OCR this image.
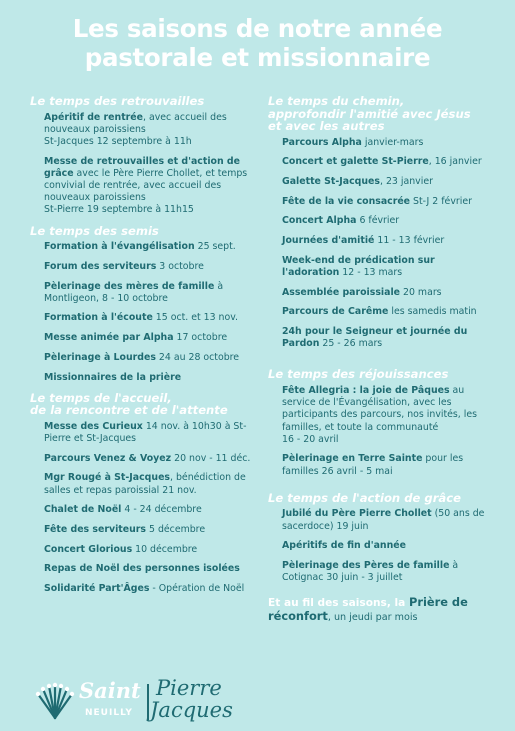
Les saisons de notre année
pastorale et missionnaire
Le temps des retrouvailles
Apéritif de rentrée, avec accueil des nouveaux paroissiens
St-Jacques 12 septembre à 11h
Messe de retrouvailles et d'action de grâce avec le Père Pierre Chollet, et temps convivial de rentrée, avec accueil des nouveaux paroissiens
St-Pierre 19 septembre à 11h15
Le temps des semis
Formation à l'évangélisation 25 sept.
Forum des serviteurs 3 octobre
Pèlerinage des mères de famille à Montligeon, 8 - 10 octobre
Formation à l'écoute 15 oct. et 13 nov.
Messe animée par Alpha 17 octobre
Pèlerinage à Lourdes 24 au 28 octobre
Missionnaires de la prière
Le temps de l'accueil,
de la rencontre et de l'attente
Messe des Curieux 14 nov. à 10h30 à St-Pierre et St-Jacques
Parcours Venez & Voyez 20 nov - 11 déc.
Mgr Rougé à St-Jacques, bénédiction de salles et repas paroissial 21 nov.
Chalet de Noël 4 - 24 décembre
Fête des serviteurs 5 décembre
Concert Glorious 10 décembre
Repas de Noël des personnes isolées
Solidarité Part'Âges - Opération de Noël
Le temps du chemin,
approfondir l'amitié avec Jésus
et avec les autres
Parcours Alpha janvier-mars
Concert et galette St-Pierre, 16 janvier
Galette St-Jacques, 23 janvier
Fête de la vie consacrée St-J 2 février
Concert Alpha 6 février
Journées d'amitié 11 - 13 février
Week-end de prédication sur l'adoration 12 - 13 mars
Assemblée paroissiale 20 mars
Parcours de Carême les samedis matin
24h pour le Seigneur et journée du Pardon 25 - 26 mars
Le temps des réjouissances
Fête Allegria : la joie de Pâques au service de l'Évangélisation, avec les participants des parcours, nos invités, les familles, et toute la communauté
16 - 20 avril
Pèlerinage en Terre Sainte pour les familles 26 avril - 5 mai
Le temps de l'action de grâce
Jubilé du Père Pierre Chollet (50 ans de sacerdoce) 19 juin
Apéritifs de fin d'année
Pèlerinage des Pères de famille à Cotignac 30 juin - 3 juillet
Et au fil des saisons, la Prière de réconfort, un jeudi par mois
Saint Pierre
NEUILLY Jacques
